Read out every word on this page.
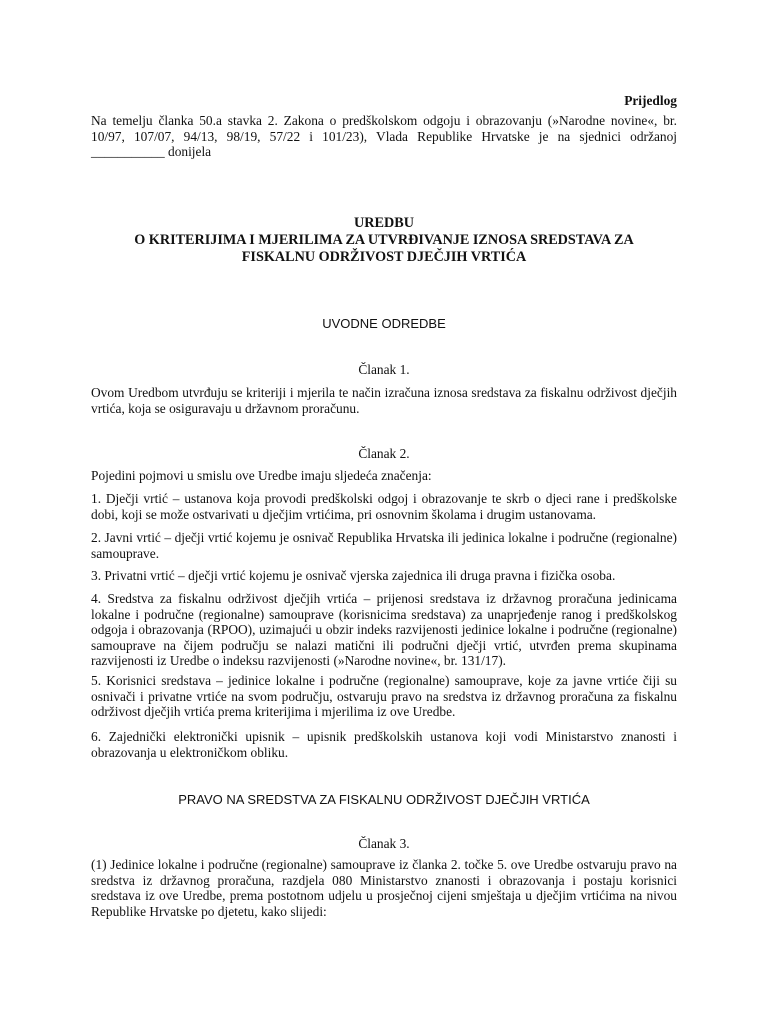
Prijedlog

Na temelju članka 50.a stavka 2. Zakona o predškolskom odgoju i obrazovanju (»Narodne novine«, br. 10/97, 107/07, 94/13, 98/19, 57/22 i 101/23), Vlada Republike Hrvatske je na sjednici održanoj ___________ donijela

UREDBU

O KRITERIJIMA I MJERILIMA ZA UTVRĐIVANJE IZNOSA SREDSTAVA ZA

FISKALNU ODRŽIVOST DJEČJIH VRTIĆA

UVODNE ODREDBE

Članak 1.

Ovom Uredbom utvrđuju se kriteriji i mjerila te način izračuna iznosa sredstava za fiskalnu održivost dječjih vrtića, koja se osiguravaju u državnom proračunu.

Članak 2.

Pojedini pojmovi u smislu ove Uredbe imaju sljedeća značenja:

1. Dječji vrtić – ustanova koja provodi predškolski odgoj i obrazovanje te skrb o djeci rane i predškolske dobi, koji se može ostvarivati u dječjim vrtićima, pri osnovnim školama i drugim ustanovama.

2. Javni vrtić – dječji vrtić kojemu je osnivač Republika Hrvatska ili jedinica lokalne i područne (regionalne) samouprave.

3. Privatni vrtić – dječji vrtić kojemu je osnivač vjerska zajednica ili druga pravna i fizička osoba.

4. Sredstva za fiskalnu održivost dječjih vrtića – prijenosi sredstava iz državnog proračuna jedinicama lokalne i područne (regionalne) samouprave (korisnicima sredstava) za unaprjeđenje ranog i predškolskog odgoja i obrazovanja (RPOO), uzimajući u obzir indeks razvijenosti jedinice lokalne i područne (regionalne) samouprave na čijem području se nalazi matični ili područni dječji vrtić, utvrđen prema skupinama razvijenosti iz Uredbe o indeksu razvijenosti (»Narodne novine«, br. 131/17).

5. Korisnici sredstava – jedinice lokalne i područne (regionalne) samouprave, koje za javne vrtiće čiji su osnivači i privatne vrtiće na svom području, ostvaruju pravo na sredstva iz državnog proračuna za fiskalnu održivost dječjih vrtića prema kriterijima i mjerilima iz ove Uredbe.

6. Zajednički elektronički upisnik – upisnik predškolskih ustanova koji vodi Ministarstvo znanosti i obrazovanja u elektroničkom obliku.

PRAVO NA SREDSTVA ZA FISKALNU ODRŽIVOST DJEČJIH VRTIĆA

Članak 3.

(1) Jedinice lokalne i područne (regionalne) samouprave iz članka 2. točke 5. ove Uredbe ostvaruju pravo na sredstva iz državnog proračuna, razdjela 080 Ministarstvo znanosti i obrazovanja i postaju korisnici sredstava iz ove Uredbe, prema postotnom udjelu u prosječnoj cijeni smještaja u dječjim vrtićima na nivou Republike Hrvatske po djetetu, kako slijedi:
